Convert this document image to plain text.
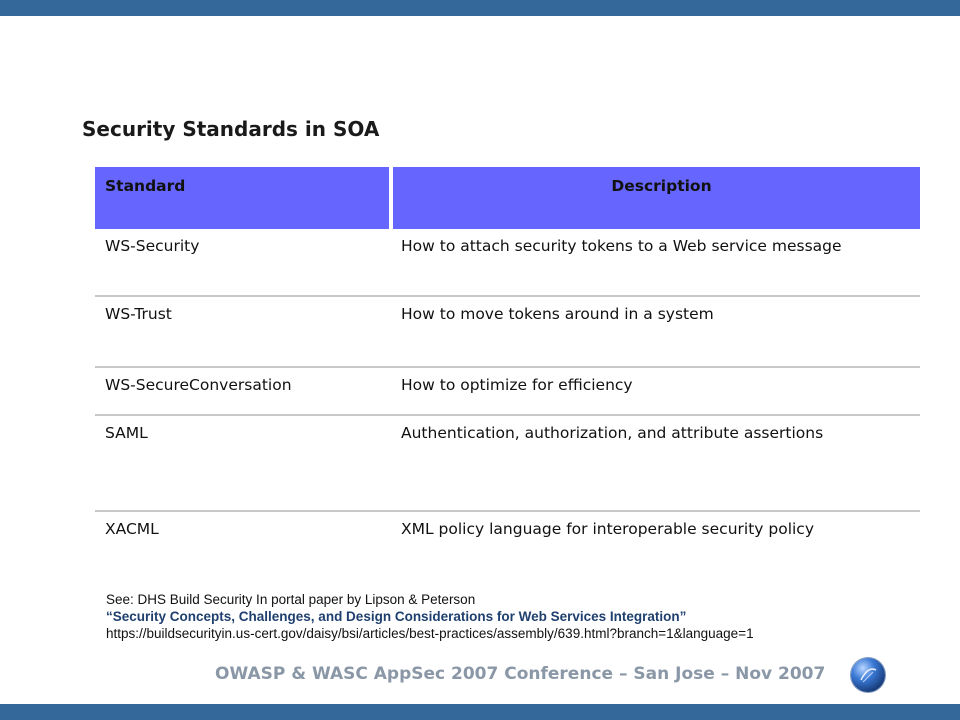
Security Standards in SOA
Standard	Description
WS-Security	How to attach security tokens to a Web service message
WS-Trust	How to move tokens around in a system
WS-SecureConversation	How to optimize for efficiency
SAML	Authentication, authorization, and attribute assertions
XACML	XML policy language for interoperable security policy
See: DHS Build Security In portal paper by Lipson & Peterson
“Security Concepts, Challenges, and Design Considerations for Web Services Integration”
https://buildsecurityin.us-cert.gov/daisy/bsi/articles/best-practices/assembly/639.html?branch=1&language=1
OWASP & WASC AppSec 2007 Conference – San Jose – Nov 2007
